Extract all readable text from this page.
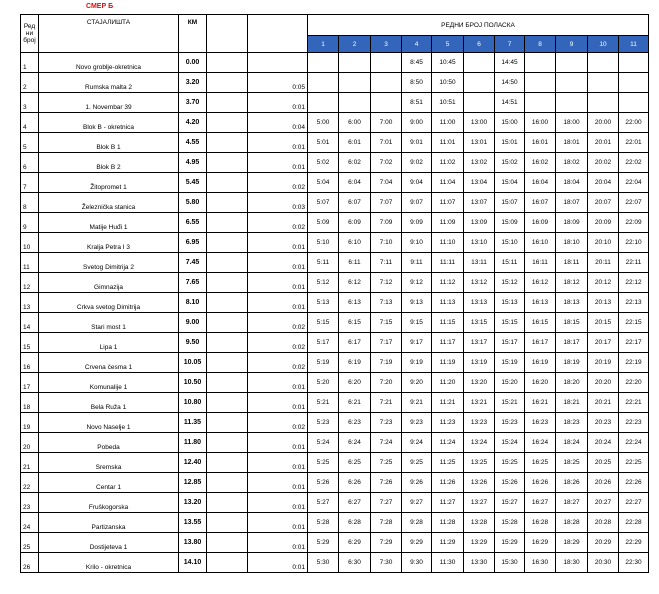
СМЕР Б
Ред ни број	СТАЈАЛИШТА	КМ			РЕДНИ БРОЈ ПОЛАСКА										
					1	2	3	4	5	6	7	8	9	10	11
1	Novo groblje-okretnica	0.00						8:45	10:45		14:45				
2	Rumska malta 2	3.20		0:05				8:50	10:50		14:50				
3	1. Novembar 39	3.70		0:01				8:51	10:51		14:51				
4	Blok B - okretnica	4.20		0:04	5:00	6:00	7:00	9:00	11:00	13:00	15:00	16:00	18:00	20:00	22:00
5	Blok B 1	4.55		0:01	5:01	6:01	7:01	9:01	11:01	13:01	15:01	16:01	18:01	20:01	22:01
6	Blok B 2	4.95		0:01	5:02	6:02	7:02	9:02	11:02	13:02	15:02	16:02	18:02	20:02	22:02
7	Žitopromet 1	5.45		0:02	5:04	6:04	7:04	9:04	11:04	13:04	15:04	16:04	18:04	20:04	22:04
8	Železnička stanica	5.80		0:03	5:07	6:07	7:07	9:07	11:07	13:07	15:07	16:07	18:07	20:07	22:07
9	Matije Huđi 1	6.55		0:02	5:09	6:09	7:09	9:09	11:09	13:09	15:09	16:09	18:09	20:09	22:09
10	Kralja Petra I 3	6.95		0:01	5:10	6:10	7:10	9:10	11:10	13:10	15:10	16:10	18:10	20:10	22:10
11	Svetog Dimitrija 2	7.45		0:01	5:11	6:11	7:11	9:11	11:11	13:11	15:11	16:11	18:11	20:11	22:11
12	Gimnazija	7.65		0:01	5:12	6:12	7:12	9:12	11:12	13:12	15:12	16:12	18:12	20:12	22:12
13	Crkva svetog Dimitrija	8.10		0:01	5:13	6:13	7:13	9:13	11:13	13:13	15:13	16:13	18:13	20:13	22:13
14	Stari most 1	9.00		0:02	5:15	6:15	7:15	9:15	11:15	13:15	15:15	16:15	18:15	20:15	22:15
15	Lipa 1	9.50		0:02	5:17	6:17	7:17	9:17	11:17	13:17	15:17	16:17	18:17	20:17	22:17
16	Crvena česma 1	10.05		0:02	5:19	6:19	7:19	9:19	11:19	13:19	15:19	16:19	18:19	20:19	22:19
17	Komunalije 1	10.50		0:01	5:20	6:20	7:20	9:20	11:20	13:20	15:20	16:20	18:20	20:20	22:20
18	Bela Ruža 1	10.80		0:01	5:21	6:21	7:21	9:21	11:21	13:21	15:21	16:21	18:21	20:21	22:21
19	Novo Naselje 1	11.35		0:02	5:23	6:23	7:23	9:23	11:23	13:23	15:23	16:23	18:23	20:23	22:23
20	Pobeda	11.80		0:01	5:24	6:24	7:24	9:24	11:24	13:24	15:24	16:24	18:24	20:24	22:24
21	Sremska	12.40		0:01	5:25	6:25	7:25	9:25	11:25	13:25	15:25	16:25	18:25	20:25	22:25
22	Centar 1	12.85		0:01	5:26	6:26	7:26	9:26	11:26	13:26	15:26	16:26	18:26	20:26	22:26
23	Fruškogorska	13.20		0:01	5:27	6:27	7:27	9:27	11:27	13:27	15:27	16:27	18:27	20:27	22:27
24	Partizanska	13.55		0:01	5:28	6:28	7:28	9:28	11:28	13:28	15:28	16:28	18:28	20:28	22:28
25	Dostijeteva 1	13.80		0:01	5:29	6:29	7:29	9:29	11:29	13:29	15:29	16:29	18:29	20:29	22:29
26	Krilo - okretnica	14.10		0:01	5:30	6:30	7:30	9:30	11:30	13:30	15:30	16:30	18:30	20:30	22:30
